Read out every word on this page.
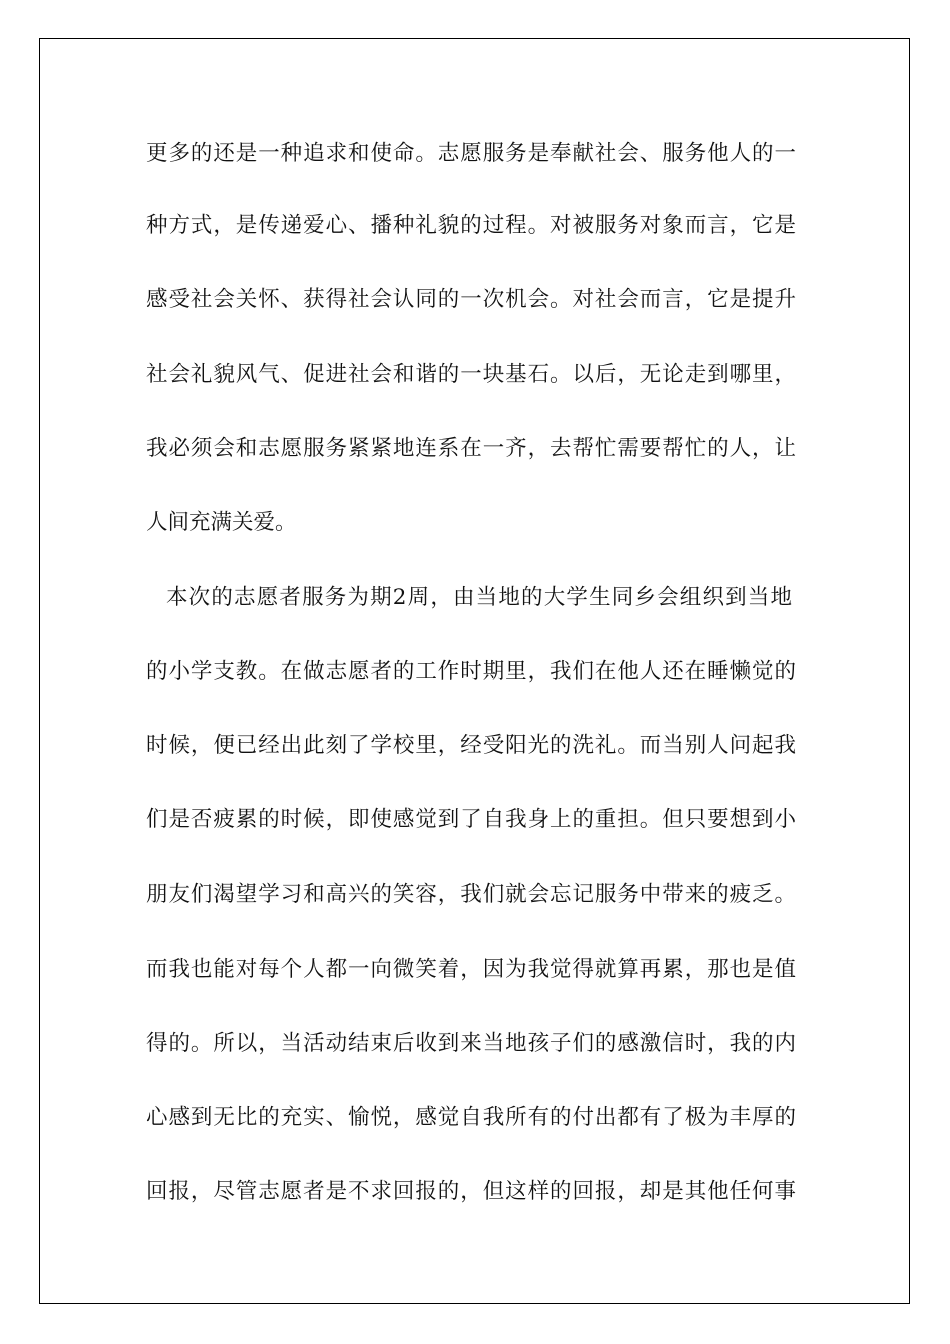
更多的还是一种追求和使命。志愿服务是奉献社会、服务他人的一
种方式，是传递爱心、播种礼貌的过程。对被服务对象而言，它是
感受社会关怀、获得社会认同的一次机会。对社会而言，它是提升
社会礼貌风气、促进社会和谐的一块基石。以后，无论走到哪里，
我必须会和志愿服务紧紧地连系在一齐，去帮忙需要帮忙的人，让
人间充满关爱。
本次的志愿者服务为期2周，由当地的大学生同乡会组织到当地
的小学支教。在做志愿者的工作时期里，我们在他人还在睡懒觉的
时候，便已经出此刻了学校里，经受阳光的洗礼。而当别人问起我
们是否疲累的时候，即使感觉到了自我身上的重担。但只要想到小
朋友们渴望学习和高兴的笑容，我们就会忘记服务中带来的疲乏。
而我也能对每个人都一向微笑着，因为我觉得就算再累，那也是值
得的。所以，当活动结束后收到来当地孩子们的感激信时，我的内
心感到无比的充实、愉悦，感觉自我所有的付出都有了极为丰厚的
回报，尽管志愿者是不求回报的，但这样的回报，却是其他任何事
